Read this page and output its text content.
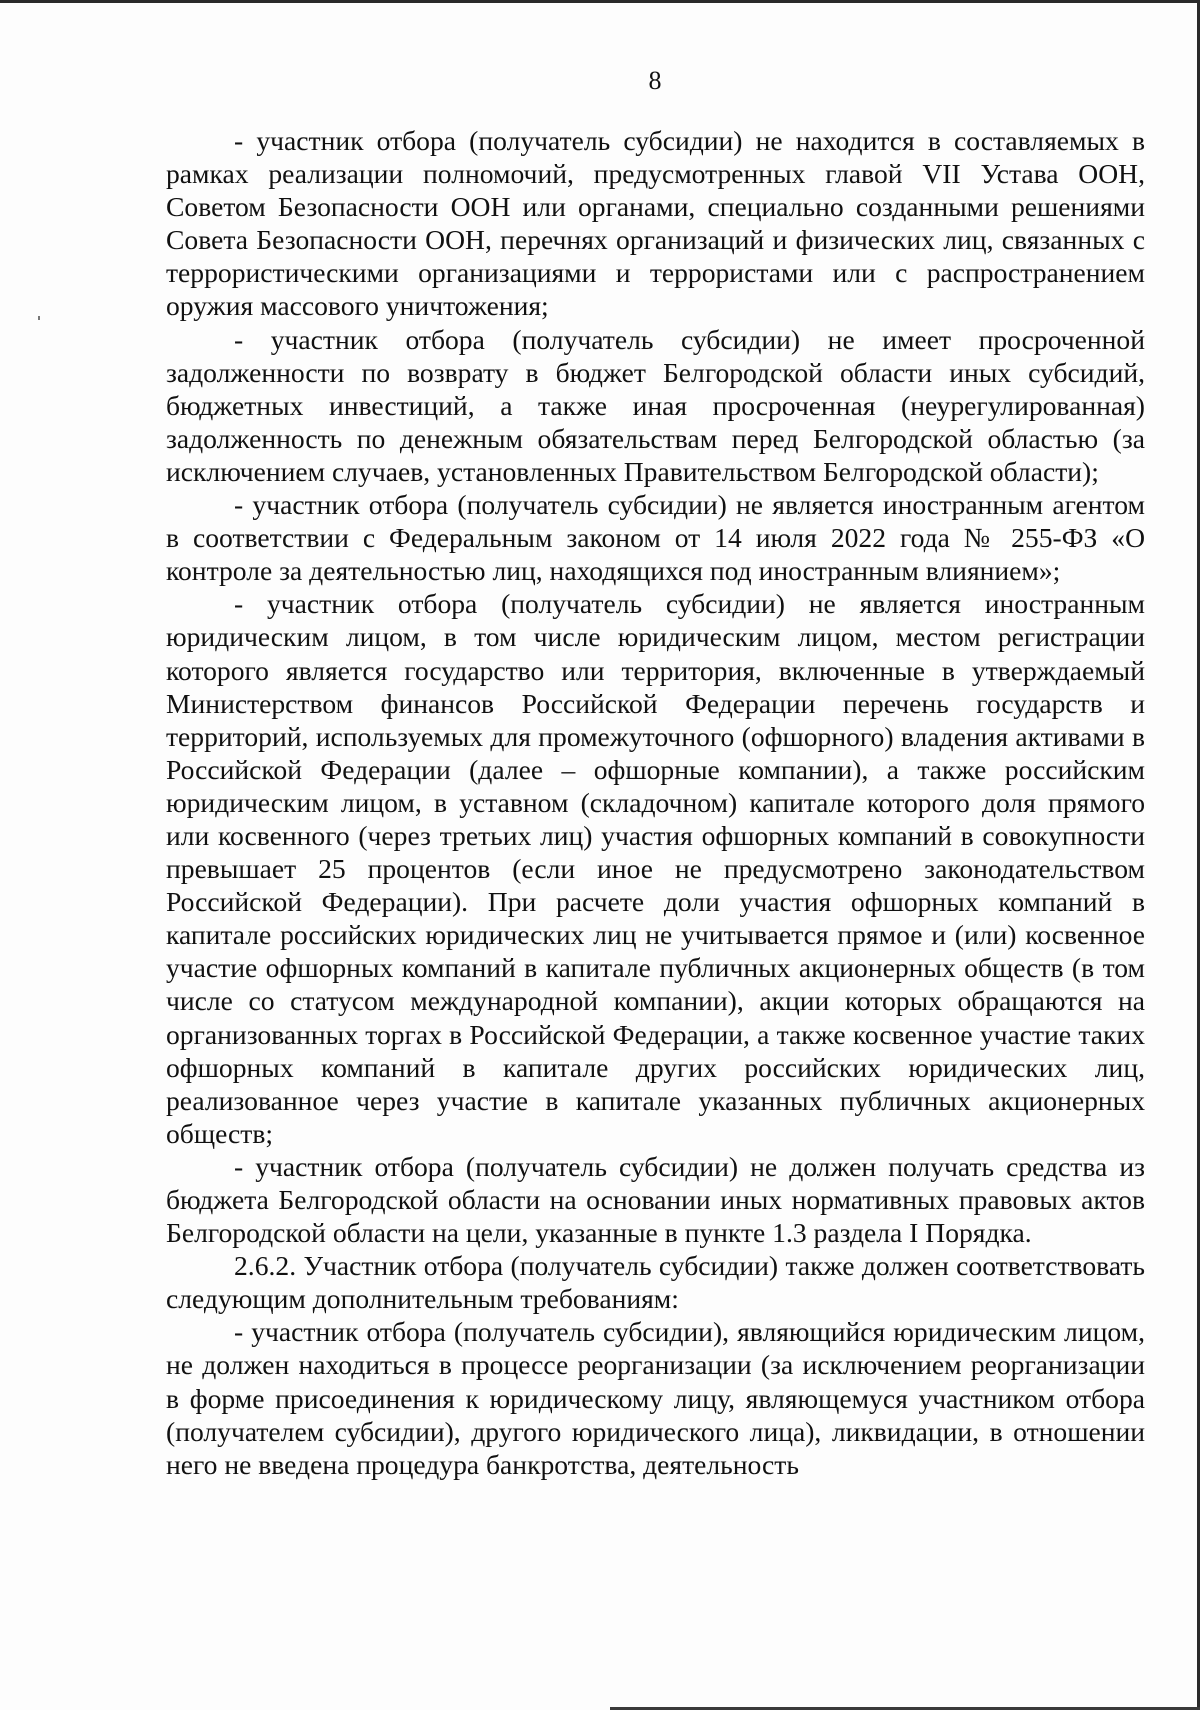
8

- участник отбора (получатель субсидии) не находится в составляемых в рамках реализации полномочий, предусмотренных главой VII Устава ООН, Советом Безопасности ООН или органами, специально созданными решениями Совета Безопасности ООН, перечнях организаций и физических лиц, связанных с террористическими организациями и террористами или с распространением оружия массового уничтожения;

- участник отбора (получатель субсидии) не имеет просроченной задолженности по возврату в бюджет Белгородской области иных субсидий, бюджетных инвестиций, а также иная просроченная (неурегулированная) задолженность по денежным обязательствам перед Белгородской областью (за исключением случаев, установленных Правительством Белгородской области);

- участник отбора (получатель субсидии) не является иностранным агентом в соответствии с Федеральным законом от 14 июля 2022 года № 255-ФЗ «О контроле за деятельностью лиц, находящихся под иностранным влиянием»;

- участник отбора (получатель субсидии) не является иностранным юридическим лицом, в том числе юридическим лицом, местом регистрации которого является государство или территория, включенные в утверждаемый Министерством финансов Российской Федерации перечень государств и территорий, используемых для промежуточного (офшорного) владения активами в Российской Федерации (далее – офшорные компании), а также российским юридическим лицом, в уставном (складочном) капитале которого доля прямого или косвенного (через третьих лиц) участия офшорных компаний в совокупности превышает 25 процентов (если иное не предусмотрено законодательством Российской Федерации). При расчете доли участия офшорных компаний в капитале российских юридических лиц не учитывается прямое и (или) косвенное участие офшорных компаний в капитале публичных акционерных обществ (в том числе со статусом международной компании), акции которых обращаются на организованных торгах в Российской Федерации, а также косвенное участие таких офшорных компаний в капитале других российских юридических лиц, реализованное через участие в капитале указанных публичных акционерных обществ;

- участник отбора (получатель субсидии) не должен получать средства из бюджета Белгородской области на основании иных нормативных правовых актов Белгородской области на цели, указанные в пункте 1.3 раздела I Порядка.

2.6.2. Участник отбора (получатель субсидии) также должен соответствовать следующим дополнительным требованиям:

- участник отбора (получатель субсидии), являющийся юридическим лицом, не должен находиться в процессе реорганизации (за исключением реорганизации в форме присоединения к юридическому лицу, являющемуся участником отбора (получателем субсидии), другого юридического лица), ликвидации, в отношении него не введена процедура банкротства, деятельность
